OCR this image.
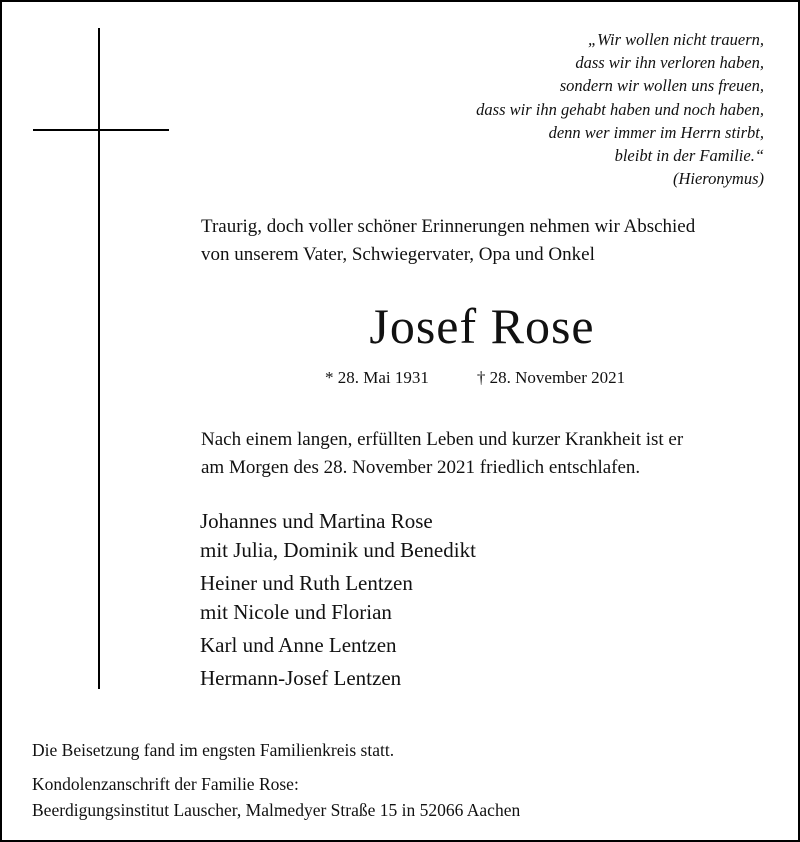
„Wir wollen nicht trauern,
dass wir ihn verloren haben,
sondern wir wollen uns freuen,
dass wir ihn gehabt haben und noch haben,
denn wer immer im Herrn stirbt,
bleibt in der Familie.“
(Hieronymus)
Traurig, doch voller schöner Erinnerungen nehmen wir Abschied
von unserem Vater, Schwiegervater, Opa und Onkel
Josef Rose
* 28. Mai 1931	† 28. November 2021
Nach einem langen, erfüllten Leben und kurzer Krankheit ist er
am Morgen des 28. November 2021 friedlich entschlafen.
Johannes und Martina Rose
mit Julia, Dominik und Benedikt
Heiner und Ruth Lentzen
mit Nicole und Florian
Karl und Anne Lentzen
Hermann-Josef Lentzen
Die Beisetzung fand im engsten Familienkreis statt.
Kondolenzanschrift der Familie Rose:
Beerdigungsinstitut Lauscher, Malmedyer Straße 15 in 52066 Aachen
